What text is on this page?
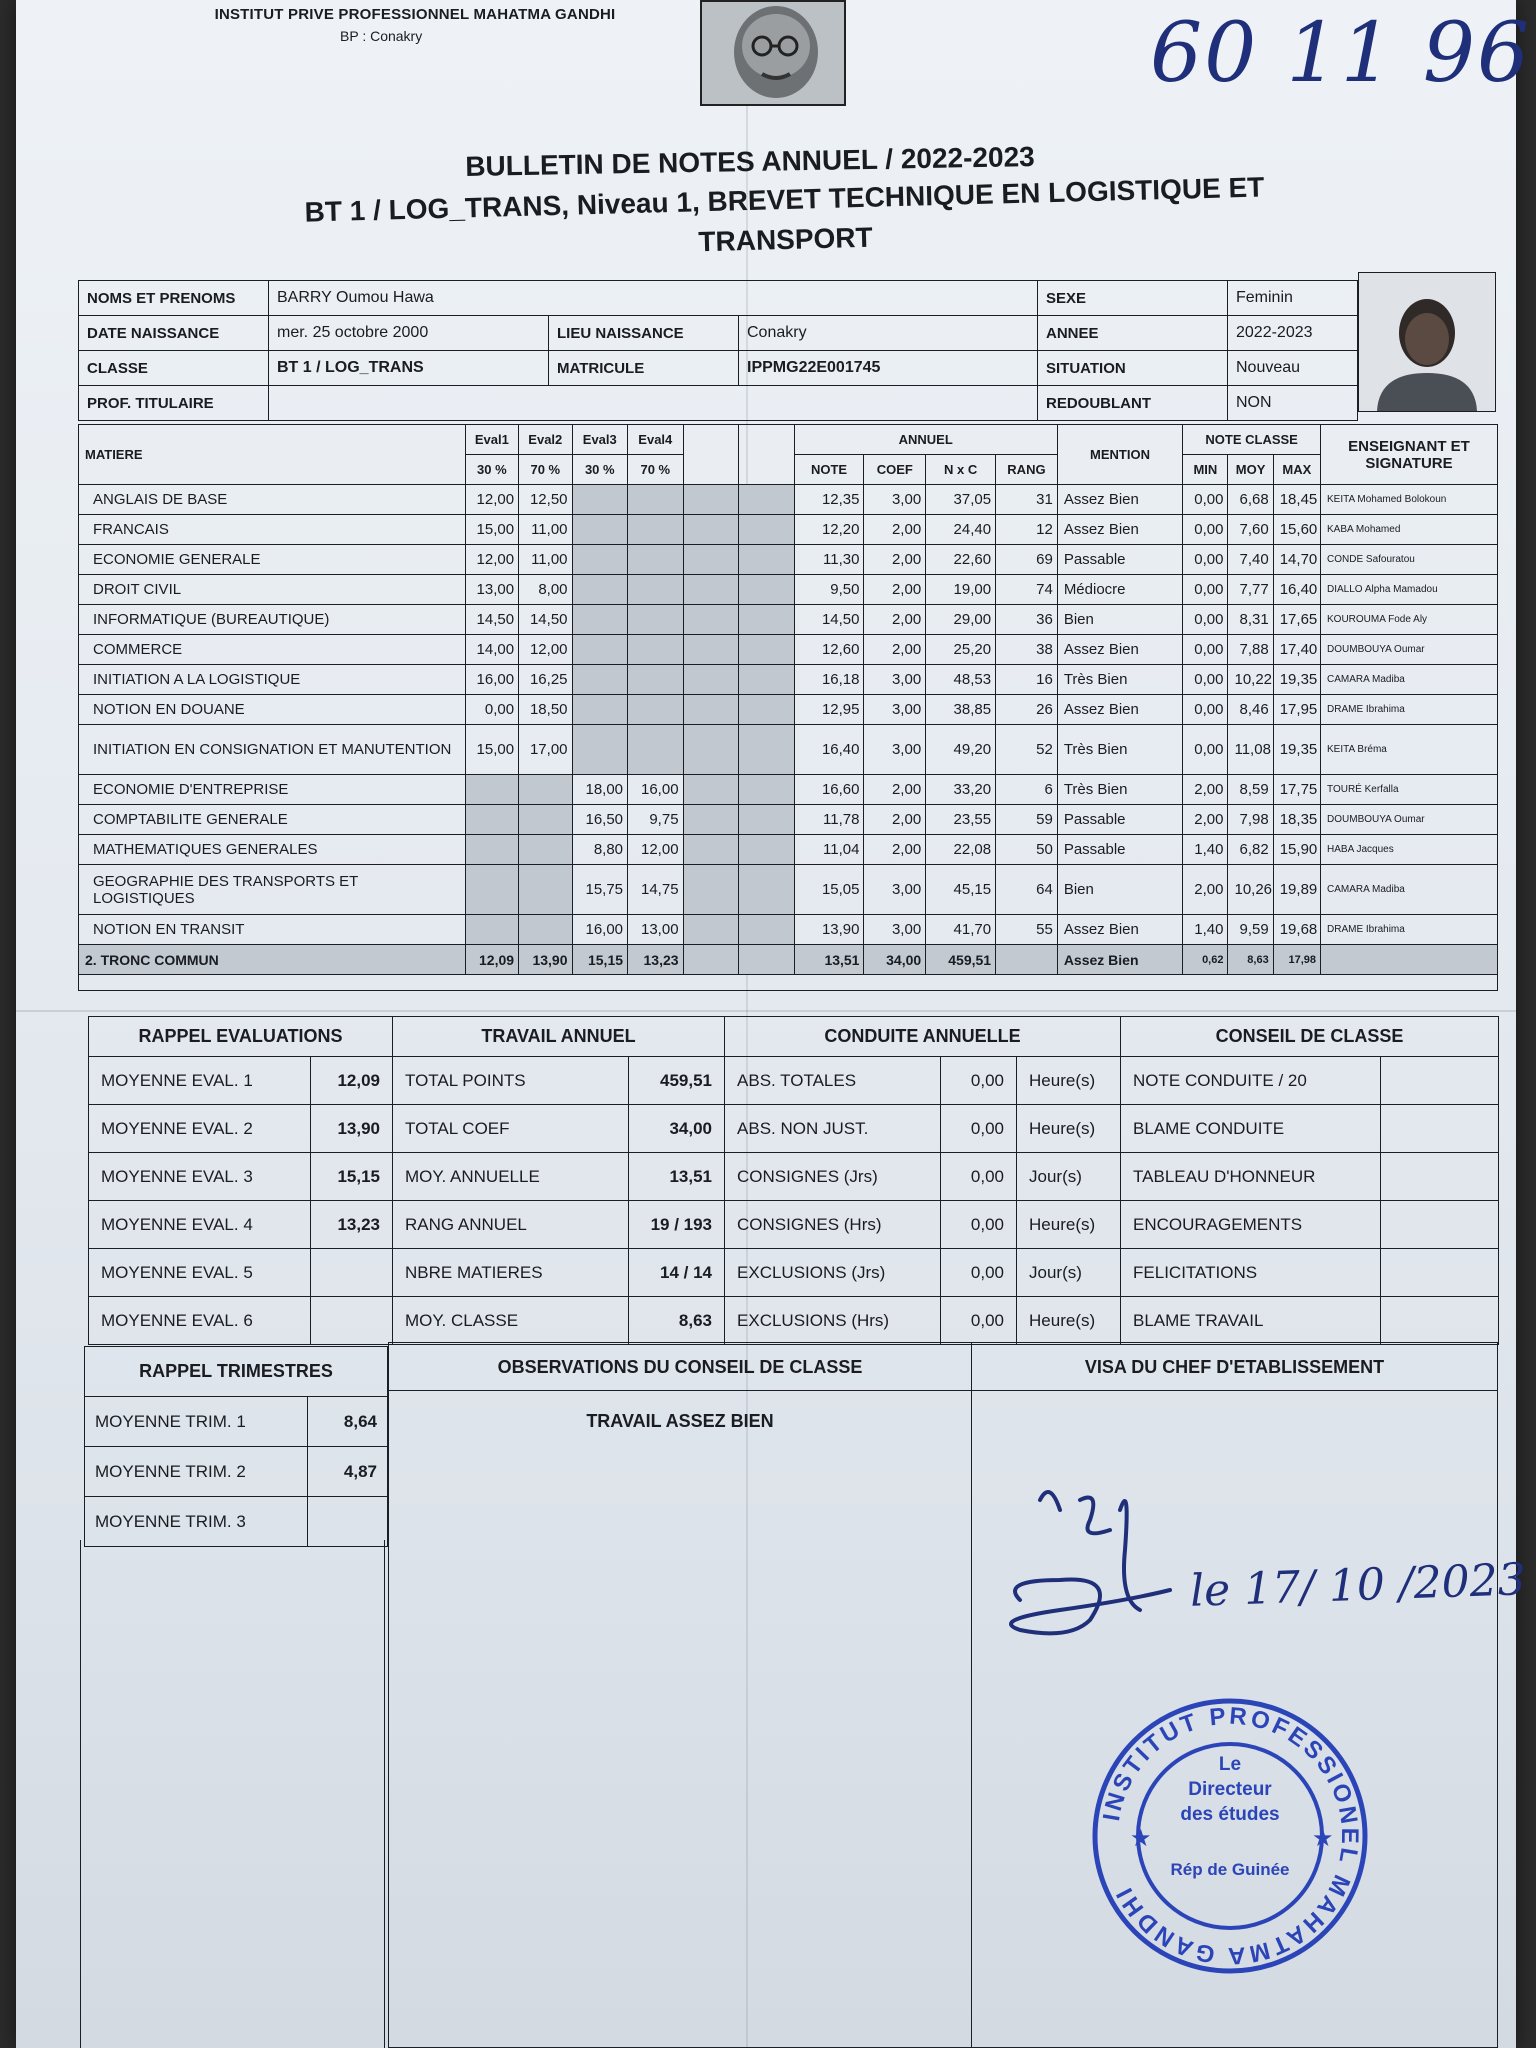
INSTITUT PRIVE PROFESSIONNEL MAHATMA GANDHI
BP : Conakry	60 11 96
BULLETIN DE NOTES ANNUEL / 2022-2023
BT 1 / LOG_TRANS, Niveau 1, BREVET TECHNIQUE EN LOGISTIQUE ET TRANSPORT
NOMS ET PRENOMS	BARRY Oumou Hawa			SEXE	Feminin
DATE NAISSANCE	mer. 25 octobre 2000	LIEU NAISSANCE	Conakry	ANNEE	2022-2023
CLASSE	BT 1 / LOG_TRANS	MATRICULE	IPPMG22E001745	SITUATION	Nouveau
PROF. TITULAIRE				REDOUBLANT	NON
MATIERE	Eval1	Eval2	Eval3	Eval4			ANNUEL				MENTION	NOTE CLASSE			ENSEIGNANT ET SIGNATURE
	30 %	70 %	30 %	70 %			NOTE	COEF	N x C	RANG		MIN	MOY	MAX	
ANGLAIS DE BASE	12,00	12,50					12,35	3,00	37,05	31	Assez Bien	0,00	6,68	18,45	KEITA Mohamed Bolokoun
FRANCAIS	15,00	11,00					12,20	2,00	24,40	12	Assez Bien	0,00	7,60	15,60	KABA Mohamed
ECONOMIE GENERALE	12,00	11,00					11,30	2,00	22,60	69	Passable	0,00	7,40	14,70	CONDE Safouratou
DROIT CIVIL	13,00	8,00					9,50	2,00	19,00	74	Médiocre	0,00	7,77	16,40	DIALLO Alpha Mamadou
INFORMATIQUE (BUREAUTIQUE)	14,50	14,50					14,50	2,00	29,00	36	Bien	0,00	8,31	17,65	KOUROUMA Fode Aly
COMMERCE	14,00	12,00					12,60	2,00	25,20	38	Assez Bien	0,00	7,88	17,40	DOUMBOUYA Oumar
INITIATION A LA LOGISTIQUE	16,00	16,25					16,18	3,00	48,53	16	Très Bien	0,00	10,22	19,35	CAMARA Madiba
NOTION EN DOUANE	0,00	18,50					12,95	3,00	38,85	26	Assez Bien	0,00	8,46	17,95	DRAME Ibrahima
INITIATION EN CONSIGNATION ET MANUTENTION	15,00	17,00					16,40	3,00	49,20	52	Très Bien	0,00	11,08	19,35	KEITA Bréma
ECONOMIE D'ENTREPRISE			18,00	16,00			16,60	2,00	33,20	6	Très Bien	2,00	8,59	17,75	TOURÉ Kerfalla
COMPTABILITE GENERALE			16,50	9,75			11,78	2,00	23,55	59	Passable	2,00	7,98	18,35	DOUMBOUYA Oumar
MATHEMATIQUES GENERALES			8,80	12,00			11,04	2,00	22,08	50	Passable	1,40	6,82	15,90	HABA Jacques
GEOGRAPHIE DES TRANSPORTS ET LOGISTIQUES			15,75	14,75			15,05	3,00	45,15	64	Bien	2,00	10,26	19,89	CAMARA Madiba
NOTION EN TRANSIT			16,00	13,00			13,90	3,00	41,70	55	Assez Bien	1,40	9,59	19,68	DRAME Ibrahima
2. TRONC COMMUN	12,09	13,90	15,15	13,23			13,51	34,00	459,51		Assez Bien	0,62	8,63	17,98	

RAPPEL EVALUATIONS		TRAVAIL ANNUEL		CONDUITE ANNUELLE			CONSEIL DE CLASSE	
MOYENNE EVAL. 1	12,09	TOTAL POINTS	459,51	ABS. TOTALES	0,00	Heure(s)	NOTE CONDUITE / 20	
MOYENNE EVAL. 2	13,90	TOTAL COEF	34,00	ABS. NON JUST.	0,00	Heure(s)	BLAME CONDUITE	
MOYENNE EVAL. 3	15,15	MOY. ANNUELLE	13,51	CONSIGNES (Jrs)	0,00	Jour(s)	TABLEAU D'HONNEUR	
MOYENNE EVAL. 4	13,23	RANG ANNUEL	19 / 193	CONSIGNES (Hrs)	0,00	Heure(s)	ENCOURAGEMENTS	
MOYENNE EVAL. 5		NBRE MATIERES	14 / 14	EXCLUSIONS (Jrs)	0,00	Jour(s)	FELICITATIONS	
MOYENNE EVAL. 6		MOY. CLASSE	8,63	EXCLUSIONS (Hrs)	0,00	Heure(s)	BLAME TRAVAIL	
RAPPEL TRIMESTRES	
MOYENNE TRIM. 1	8,64
MOYENNE TRIM. 2	4,87
MOYENNE TRIM. 3	
OBSERVATIONS DU CONSEIL DE CLASSE
TRAVAIL ASSEZ BIEN
VISA DU CHEF D'ETABLISSEMENT
le 17/ 10 /2023
INSTITUT PROFESSIONEL MAHATMA GANDHI
★	★
Le
Directeur
des études
Rép de Guinée
